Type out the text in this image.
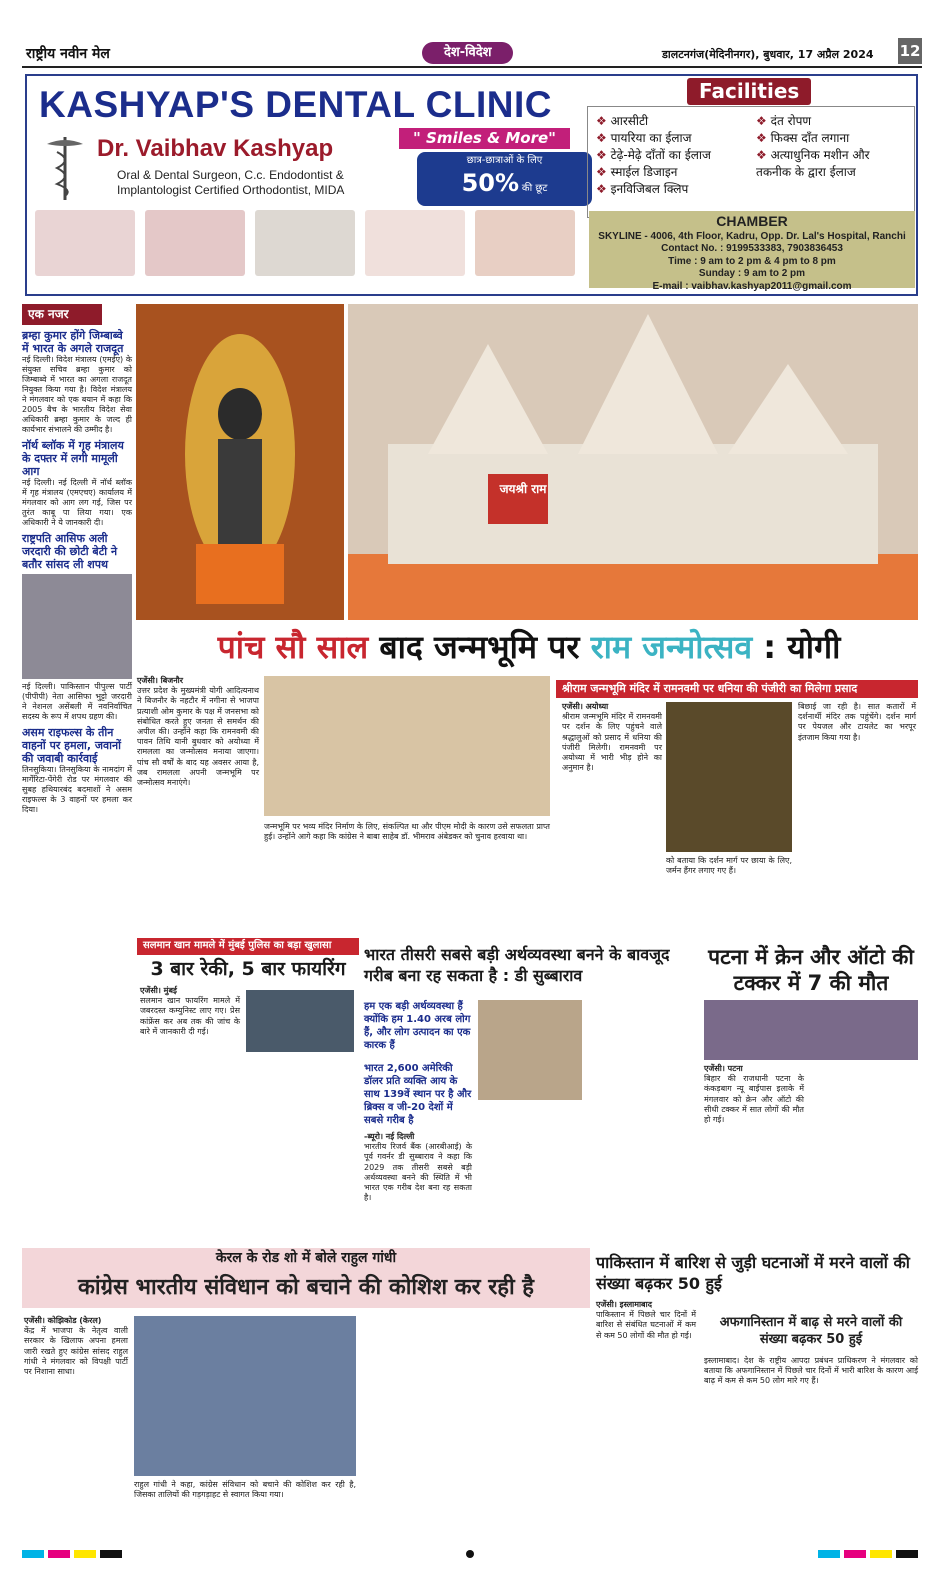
राष्ट्रीय नवीन मेल	देश-विदेश	डालटनगंज(मेदिनीनगर), बुधवार, 17 अप्रैल 2024 12
KASHYAP'S DENTAL CLINIC
Dr. Vaibhav Kashyap
Oral & Dental Surgeon, C.c. Endodontist &
Implantologist Certified Orthodontist, MIDA
" Smiles & More"
छात्र-छात्राओं के लिए
50% की छूट
Facilities
❖ आरसीटी
❖ पायरिया का ईलाज
❖ टेढ़े-मेढ़े दाँतों का ईलाज
❖ स्माईल डिजाइन
❖ इनविजिबल क्लिप
❖ दंत रोपण
❖ फिक्स दाँत लगाना
❖ अत्याधुनिक मशीन और तकनीक के द्वारा ईलाज
CHAMBER
SKYLINE - 4006, 4th Floor, Kadru, Opp. Dr. Lal's Hospital, Ranchi
Contact No. : 9199533383, 7903836453
Time : 9 am to 2 pm & 4 pm to 8 pm
Sunday : 9 am to 2 pm
E-mail : vaibhav.kashyap2011@gmail.com
एक नजर
ब्रम्हा कुमार होंगे जिम्बाब्वे में भारत के अगले राजदूत

नई दिल्ली। विदेश मंत्रालय (एमईए) के संयुक्त सचिव ब्रम्हा कुमार को जिम्बाब्वे में भारत का अगला राजदूत नियुक्त किया गया है। विदेश मंत्रालय ने मंगलवार को एक बयान में कहा कि 2005 बैच के भारतीय विदेश सेवा अधिकारी ब्रम्हा कुमार के जल्द ही कार्यभार संभालने की उम्मीद है।

नॉर्थ ब्लॉक में गृह मंत्रालय के दफ्तर में लगी मामूली आग

नई दिल्ली। नई दिल्ली में नॉर्थ ब्लॉक में गृह मंत्रालय (एमएचए) कार्यालय में मंगलवार को आग लग गई, जिस पर तुरंत काबू पा लिया गया। एक अधिकारी ने ये जानकारी दी।

राष्ट्रपति आसिफ अली जरदारी की छोटी बेटी ने बतौर सांसद ली शपथ

नई दिल्ली। पाकिस्तान पीपुल्स पार्टी (पीपीपी) नेता आसिफा भुट्टो जरदारी ने नेशनल असेंबली में नवनिर्वाचित सदस्य के रूप में शपथ ग्रहण की।

असम राइफल्स के तीन वाहनों पर हमला, जवानों की जवाबी कार्रवाई

तिनसुकिया। तिनसुकिया के नामदांग में मार्गेरिटा-पेंगेरी रोड पर मंगलवार की सुबह हथियारबंद बदमाशों ने असम राइफल्स के 3 वाहनों पर हमला कर दिया।

जयश्री राम
पांच सौ साल बाद जन्मभूमि पर राम जन्मोत्सव : योगी

एजेंसी। बिजनौर

उत्तर प्रदेश के मुख्यमंत्री योगी आदित्यनाथ ने बिजनौर के नहटौर में नगीना से भाजपा प्रत्याशी ओम कुमार के पक्ष में जनसभा को संबोधित करते हुए जनता से समर्थन की अपील की। उन्होंने कहा कि रामनवमी की पावन तिथि यानी बुधवार को अयोध्या में रामलला का जन्मोत्सव मनाया जाएगा। पांच सौ वर्षों के बाद यह अवसर आया है, जब रामलला अपनी जन्मभूमि पर जन्मोत्सव मनाएंगे।

जन्मभूमि पर भव्य मंदिर निर्माण के लिए, संकल्पित था और पीएम मोदी के कारण उसे सफलता प्राप्त हुई। उन्होंने आगे कहा कि कांग्रेस ने बाबा साहेब डॉ. भीमराव अंबेडकर को चुनाव हरवाया था।

श्रीराम जन्मभूमि मंदिर में रामनवमी पर धनिया की पंजीरी का मिलेगा प्रसाद

एजेंसी। अयोध्या

श्रीराम जन्मभूमि मंदिर में रामनवमी पर दर्शन के लिए पहुंचने वाले श्रद्धालुओं को प्रसाद में धनिया की पंजीरी मिलेगी। रामनवमी पर अयोध्या में भारी भीड़ होने का अनुमान है।

को बताया कि दर्शन मार्ग पर छाया के लिए, जर्मन हैंगर लगाए गए हैं।

बिछाई जा रही है। सात कतारों में दर्शनार्थी मंदिर तक पहुंचेंगे। दर्शन मार्ग पर पेयजल और टायलेट का भरपूर इंतजाम किया गया है।

सलमान खान मामले में मुंबई पुलिस का बड़ा खुलासा
3 बार रेकी, 5 बार फायरिंग

एजेंसी। मुंबई

सलमान खान फायरिंग मामले में जबरदस्त कम्युनिस्ट लाए गए। प्रेस कांफ्रेंस कर अब तक की जांच के बारे में जानकारी दी गई।

भारत तीसरी सबसे बड़ी अर्थव्यवस्था बनने के बावजूद गरीब बना रह सकता है : डी सुब्बाराव
हम एक बड़ी अर्थव्यवस्था हैं क्योंकि हम 1.40 अरब लोग हैं, और लोग उत्पादन का एक कारक हैं
भारत 2,600 अमेरिकी डॉलर प्रति व्यक्ति आय के साथ 139वें स्थान पर है और ब्रिक्स व जी-20 देशों में सबसे गरीब है

-ब्यूरो। नई दिल्ली

भारतीय रिजर्व बैंक (आरबीआई) के पूर्व गवर्नर डी सुब्बाराव ने कहा कि 2029 तक तीसरी सबसे बड़ी अर्थव्यवस्था बनने की स्थिति में भी भारत एक गरीब देश बना रह सकता है।

पटना में क्रेन और ऑटो की टक्कर में 7 की मौत

एजेंसी। पटना

बिहार की राजधानी पटना के कंकड़बाग न्यू बाईपास इलाके में मंगलवार को क्रेन और ऑटो की सीधी टक्कर में सात लोगों की मौत हो गई।

केरल के रोड शो में बोले राहुल गांधी
कांग्रेस भारतीय संविधान को बचाने की कोशिश कर रही है

एजेंसी। कोझिकोड (केरल)

केंद्र में भाजपा के नेतृत्व वाली सरकार के खिलाफ अपना हमला जारी रखते हुए कांग्रेस सांसद राहुल गांधी ने मंगलवार को विपक्षी पार्टी पर निशाना साधा।

राहुल गांधी ने कहा, कांग्रेस संविधान को बचाने की कोशिश कर रही है, जिसका तालियों की गड़गड़ाहट से स्वागत किया गया।

पाकिस्तान में बारिश से जुड़ी घटनाओं में मरने वालों की संख्या बढ़कर 50 हुई

एजेंसी। इस्लामाबाद

पाकिस्तान में पिछले चार दिनों में बारिश से संबंधित घटनाओं में कम से कम 50 लोगों की मौत हो गई।

अफगानिस्तान में बाढ़ से मरने वालों की संख्या बढ़कर 50 हुई

इस्लामाबाद। देश के राष्ट्रीय आपदा प्रबंधन प्राधिकरण ने मंगलवार को बताया कि अफगानिस्तान में पिछले चार दिनों में भारी बारिश के कारण आई बाढ़ में कम से कम 50 लोग मारे गए हैं।
